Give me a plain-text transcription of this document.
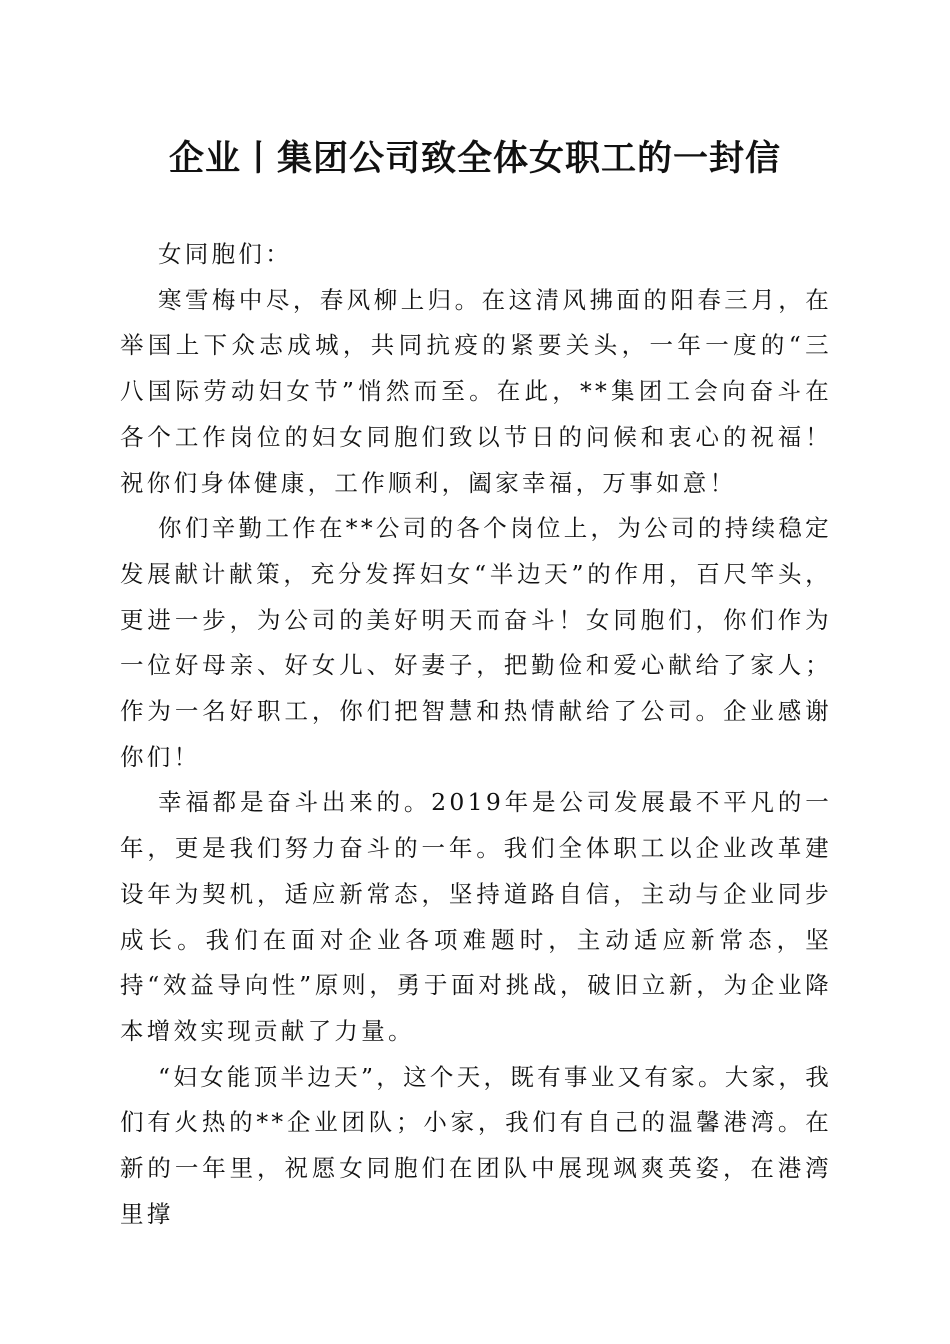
企业丨集团公司致全体女职工的一封信

女同胞们：

寒雪梅中尽，春风柳上归。在这清风拂面的阳春三月，在举国上下众志成城，共同抗疫的紧要关头，一年一度的“三八国际劳动妇女节”悄然而至。在此，**集团工会向奋斗在各个工作岗位的妇女同胞们致以节日的问候和衷心的祝福！祝你们身体健康，工作顺利，阖家幸福，万事如意！

你们辛勤工作在**公司的各个岗位上，为公司的持续稳定发展献计献策，充分发挥妇女“半边天”的作用，百尺竿头，更进一步，为公司的美好明天而奋斗！女同胞们，你们作为一位好母亲、好女儿、好妻子，把勤俭和爱心献给了家人；作为一名好职工，你们把智慧和热情献给了公司。企业感谢你们！

幸福都是奋斗出来的。2019年是公司发展最不平凡的一年，更是我们努力奋斗的一年。我们全体职工以企业改革建设年为契机，适应新常态，坚持道路自信，主动与企业同步成长。我们在面对企业各项难题时，主动适应新常态，坚持“效益导向性”原则，勇于面对挑战，破旧立新，为企业降本增效实现贡献了力量。

“妇女能顶半边天”，这个天，既有事业又有家。大家，我们有火热的**企业团队；小家，我们有自己的温馨港湾。在新的一年里，祝愿女同胞们在团队中展现飒爽英姿，在港湾里撑
